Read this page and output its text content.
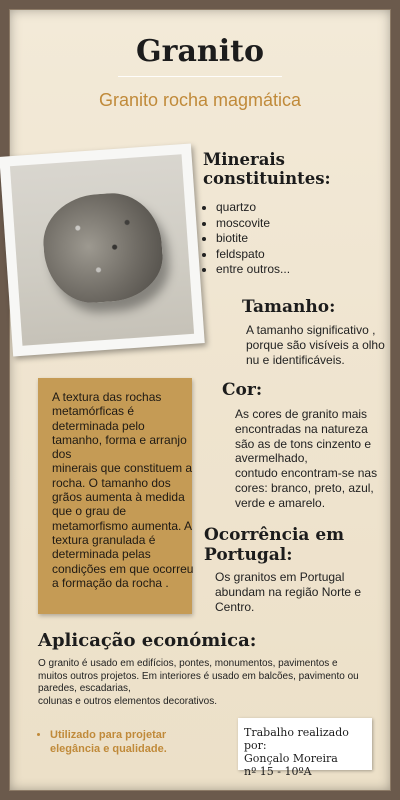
Granito
Granito rocha magmática
Minerais constituintes:
• quartzo
• moscovite
• biotite
• feldspato
• entre outros...
Tamanho:
A tamanho significativo , porque são visíveis a olho nu e identificáveis.
Cor:
As cores de granito mais encontradas na natureza são as de tons cinzento e avermelhado,
contudo encontram-se nas cores: branco, preto, azul, verde e amarelo.
A textura das rochas metamórficas é determinada pelo tamanho, forma e arranjo dos
minerais que constituem a rocha. O tamanho dos grãos aumenta à medida que o grau de metamorfismo aumenta. A textura granulada é determinada pelas condições em que ocorreu a formação da rocha .
Ocorrência em Portugal:
Os granitos em Portugal abundam na região Norte e Centro.
Aplicação económica:
O granito é usado em edifícios, pontes, monumentos, pavimentos e muitos outros projetos. Em interiores é usado em balcões, pavimento ou paredes, escadarias,
colunas e outros elementos decorativos.
• Utilizado para projetar elegância e qualidade.
Trabalho realizado por:
Gonçalo Moreira
nº 15 - 10ºA
